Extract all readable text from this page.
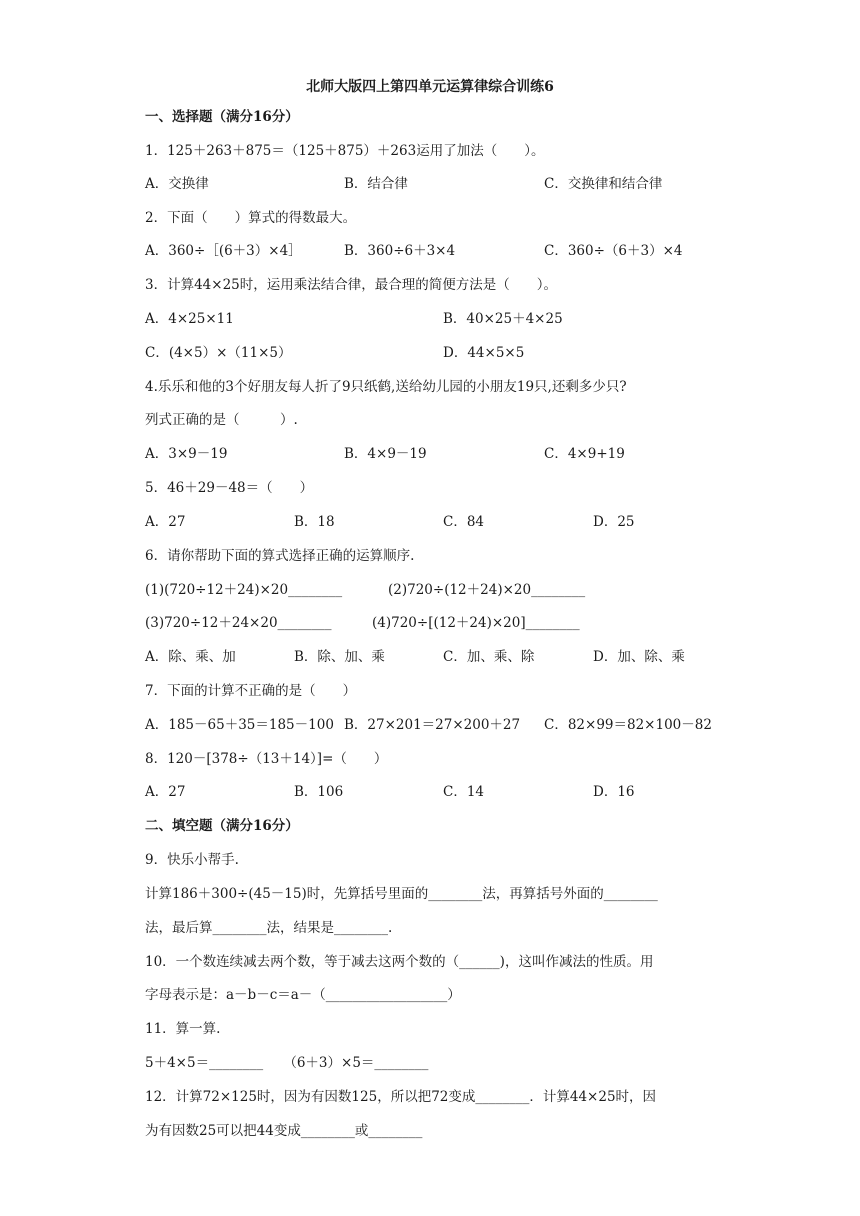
北师大版四上第四单元运算律综合训练6
一、选择题（满分16分）
1．125＋263＋875＝（125＋875）＋263运用了加法（　　）。
A．交换律	B．结合律	C．交换律和结合律
2．下面（　　）算式的得数最大。
A．360÷［(6＋3）×4］	B．360÷6＋3×4	C．360÷（6＋3）×4
3．计算44×25时，运用乘法结合律，最合理的简便方法是（　　）。
A．4×25×11	B．40×25＋4×25
C．(4×5）×（11×5）	D．44×5×5
4.乐乐和他的3个好朋友每人折了9只纸鹤,送给幼儿园的小朋友19只,还剩多少只?
列式正确的是（　　　）.
A．3×9－19	B．4×9－19	C．4×9+19
5．46＋29－48＝（　　）
A．27	B．18	C．84	D．25
6．请你帮助下面的算式选择正确的运算顺序.
(1)(720÷12＋24)×20________	(2)720÷(12＋24)×20________
(3)720÷12＋24×20________	(4)720÷[(12＋24)×20]________
A．除、乘、加	B．除、加、乘	C．加、乘、除	D．加、除、乘
7．下面的计算不正确的是（　　）
A．185－65＋35＝185－100 B．27×201＝27×200＋27 C．82×99＝82×100－82
8．120－[378÷（13＋14）]=（　　）
A．27	B．106	C．14	D．16
二、填空题（满分16分）
9．快乐小帮手.
计算186＋300÷(45－15)时，先算括号里面的________法，再算括号外面的________
法，最后算________法，结果是________.
10．一个数连续减去两个数，等于减去这两个数的（______)，这叫作减法的性质。用
字母表示是：a－b－c＝a－（__________________）
11．算一算.
5＋4×5＝________　　（6＋3）×5＝________
12．计算72×125时，因为有因数125，所以把72变成________．计算44×25时，因
为有因数25可以把44变成________或________
